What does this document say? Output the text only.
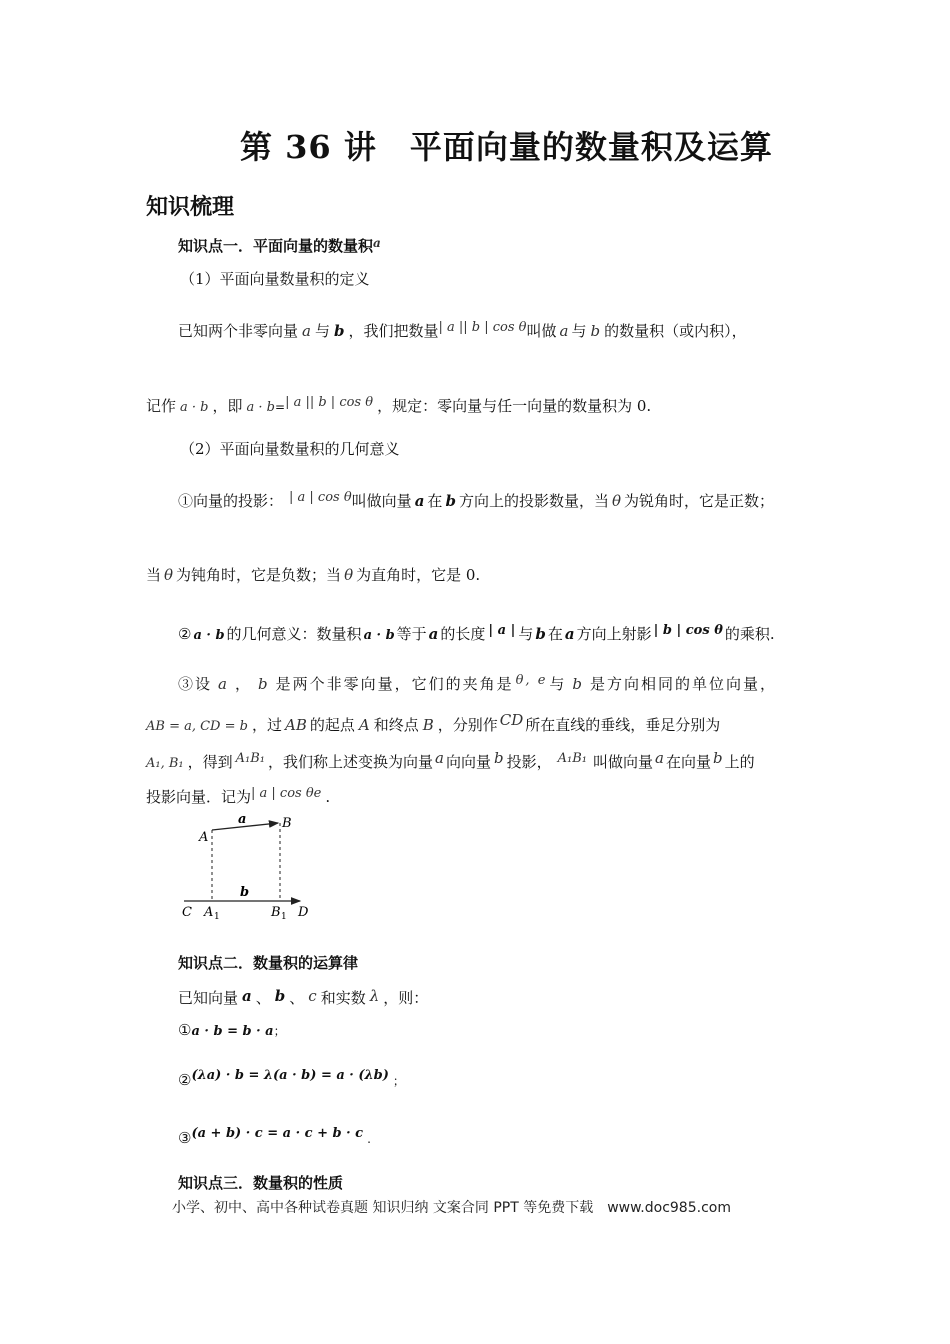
第 36 讲　平面向量的数量积及运算
知识梳理
知识点一．平面向量的数量积$^a$
（1）平面向量数量积的定义
已知两个非零向量 a 与 b ，我们把数量| a || b | cos θ叫做 a 与 b 的数量积（或内积），
记作 a · b ，即 a · b=| a || b | cos θ ，规定：零向量与任一向量的数量积为 0.
（2）平面向量数量积的几何意义
①向量的投影： | a | cos θ叫做向量 a 在 b 方向上的投影数量，当 θ 为锐角时，它是正数；
当 θ 为钝角时，它是负数；当 θ 为直角时，它是 0.
② a · b 的几何意义：数量积 a · b 等于 a 的长度 | a | 与 b 在 a 方向上射影 | b | cos θ 的乘积.
③设 a ， b 是两个非零向量，它们的夹角是 θ, e 与 b 是方向相同的单位向量，
AB = a, CD = b ，过 AB 的起点 A 和终点 B ，分别作 CD 所在直线的垂线，垂足分别为
A₁, B₁ ，得到 A₁B₁ ，我们称上述变换为向量 a 向向量 b 投影， A₁B₁ 叫做向量 a 在向量 b 上的
投影向量．记为| a | cos θe .
a
b
A
B
C A 1	B 1 D
知识点二．数量积的运算律
已知向量 a 、 b 、 c 和实数 λ ，则：
①a · b = b · a；
②(λa) · b = λ(a · b) = a · (λb) ；
③(a + b) · c = a · c + b · c .
知识点三．数量积的性质
小学、初中、高中各种试卷真题 知识归纳 文案合同 PPT 等免费下载　www.doc985.com
